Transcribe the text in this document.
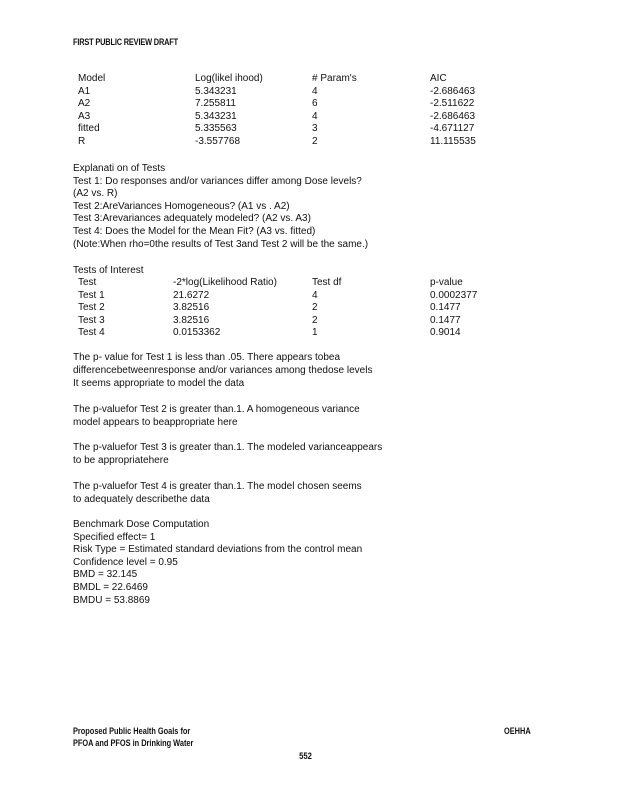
FIRST PUBLIC REVIEW DRAFT
Model	Log(likel ihood)	# Param's	AIC
A1	5.343231	4	-2.686463
A2	7.255811	6	-2.511622
A3	5.343231	4	-2.686463
fitted	5.335563	3	-4.671127
R	-3.557768	2	11.115535
Explanati on of Tests
Test 1: Do responses and/or variances differ among Dose levels?
(A2 vs. R)
Test 2:AreVariances Homogeneous? (A1 vs . A2)
Test 3:Arevariances adequately modeled? (A2 vs. A3)
Test 4: Does the Model for the Mean Fit? (A3 vs. fitted)
(Note:When rho=0the results of Test 3and Test 2 will be the same.)
Tests of Interest
Test	-2*log(Likelihood Ratio)	Test df	p-value
Test 1	21.6272	4	0.0002377
Test 2	3.82516	2	0.1477
Test 3	3.82516	2	0.1477
Test 4	0.0153362	1	0.9014
The p- value for Test 1 is less than .05. There appears tobea
differencebetweenresponse and/or variances among thedose levels
It seems appropriate to model the data
The p-valuefor Test 2 is greater than.1. A homogeneous variance
model appears to beappropriate here
The p-valuefor Test 3 is greater than.1. The modeled varianceappears
to be appropriatehere
The p-valuefor Test 4 is greater than.1. The model chosen seems
to adequately describethe data
Benchmark Dose Computation
Specified effect= 1
Risk Type = Estimated standard deviations from the control mean
Confidence level = 0.95
BMD = 32.145
BMDL = 22.6469
BMDU = 53.8869
Proposed Public Health Goals for
PFOA and PFOS in Drinking Water
OEHHA
552
